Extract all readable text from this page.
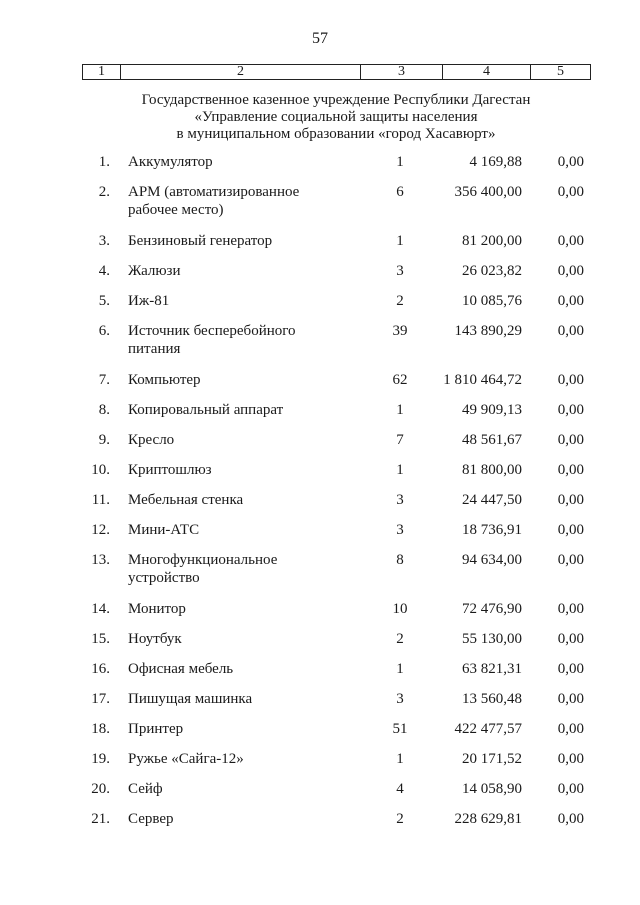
57
1	2	3	4	5
Государственное казенное учреждение Республики Дагестан
«Управление социальной защиты населения
в муниципальном образовании «город Хасавюрт»
1. Аккумулятор	1	4 169,88	0,00
2. АРМ (автоматизированное
рабочее место)
6	356 400,00	0,00
3. Бензиновый генератор	1	81 200,00	0,00
4. Жалюзи	3	26 023,82	0,00
5. Иж-81	2	10 085,76	0,00
6. Источник бесперебойного
питания
39	143 890,29	0,00
7. Компьютер	62	1 810 464,72	0,00
8. Копировальный аппарат	1	49 909,13	0,00
9. Кресло	7	48 561,67	0,00
10. Криптошлюз	1	81 800,00	0,00
11. Мебельная стенка	3	24 447,50	0,00
12. Мини-АТС	3	18 736,91	0,00
13. Многофункциональное
устройство
8	94 634,00	0,00
14. Монитор	10	72 476,90	0,00
15. Ноутбук	2	55 130,00	0,00
16. Офисная мебель	1	63 821,31	0,00
17. Пишущая машинка	3	13 560,48	0,00
18. Принтер	51	422 477,57	0,00
19. Ружье «Сайга-12»	1	20 171,52	0,00
20. Сейф	4	14 058,90	0,00
21. Сервер	2	228 629,81	0,00
